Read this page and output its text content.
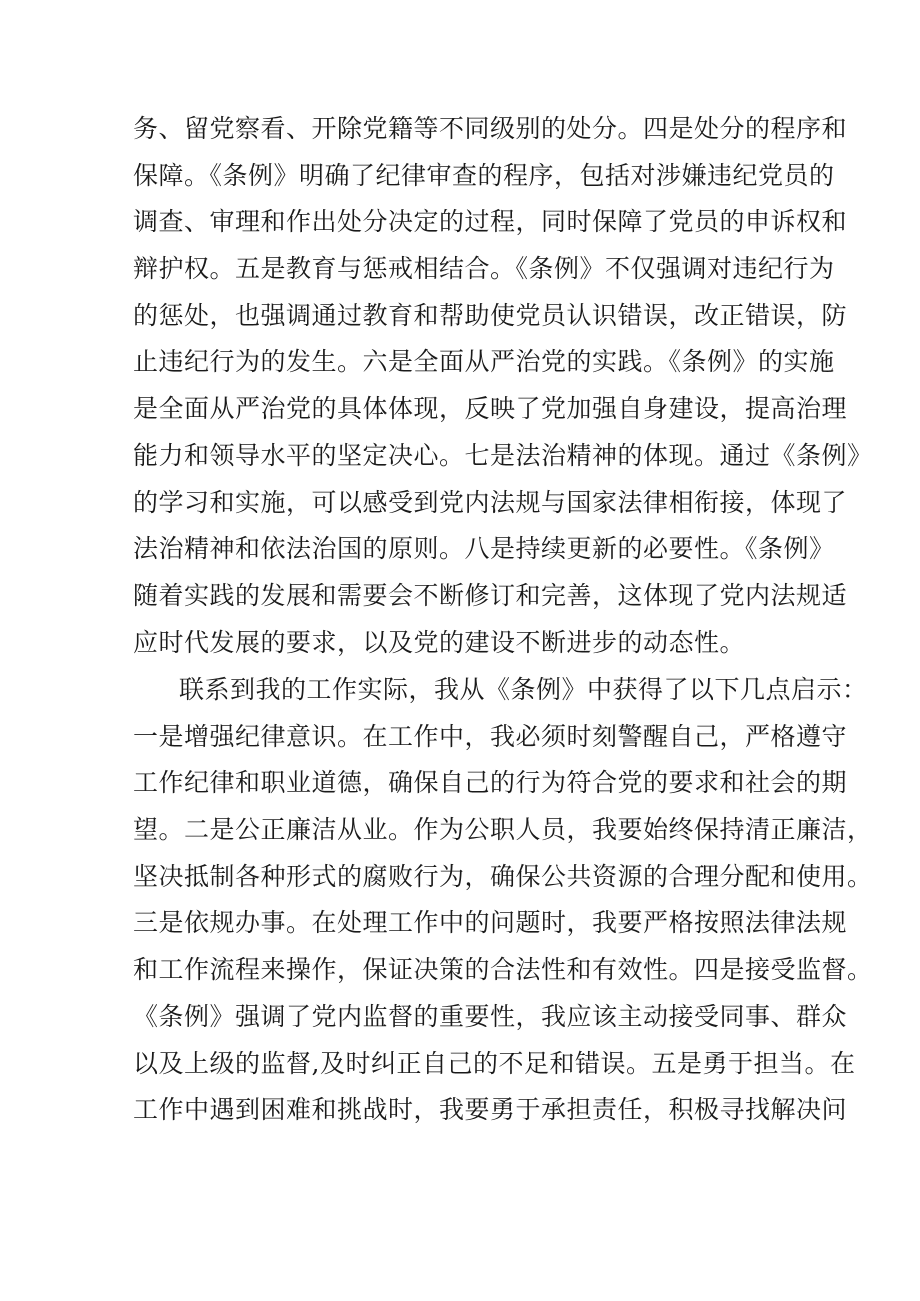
务、留党察看、开除党籍等不同级别的处分。四是处分的程序和
保障。《条例》明确了纪律审查的程序，包括对涉嫌违纪党员的
调查、审理和作出处分决定的过程，同时保障了党员的申诉权和
辩护权。五是教育与惩戒相结合。《条例》不仅强调对违纪行为
的惩处，也强调通过教育和帮助使党员认识错误，改正错误，防
止违纪行为的发生。六是全面从严治党的实践。《条例》的实施
是全面从严治党的具体体现，反映了党加强自身建设，提高治理
能力和领导水平的坚定决心。七是法治精神的体现。通过《条例》
的学习和实施，可以感受到党内法规与国家法律相衔接，体现了
法治精神和依法治国的原则。八是持续更新的必要性。《条例》
随着实践的发展和需要会不断修订和完善，这体现了党内法规适
应时代发展的要求，以及党的建设不断进步的动态性。
联系到我的工作实际，我从《条例》中获得了以下几点启示：
一是增强纪律意识。在工作中，我必须时刻警醒自己，严格遵守
工作纪律和职业道德，确保自己的行为符合党的要求和社会的期
望。二是公正廉洁从业。作为公职人员，我要始终保持清正廉洁，
坚决抵制各种形式的腐败行为，确保公共资源的合理分配和使用。
三是依规办事。在处理工作中的问题时，我要严格按照法律法规
和工作流程来操作，保证决策的合法性和有效性。四是接受监督。
《条例》强调了党内监督的重要性，我应该主动接受同事、群众
以及上级的监督,及时纠正自己的不足和错误。五是勇于担当。在
工作中遇到困难和挑战时，我要勇于承担责任，积极寻找解决问
